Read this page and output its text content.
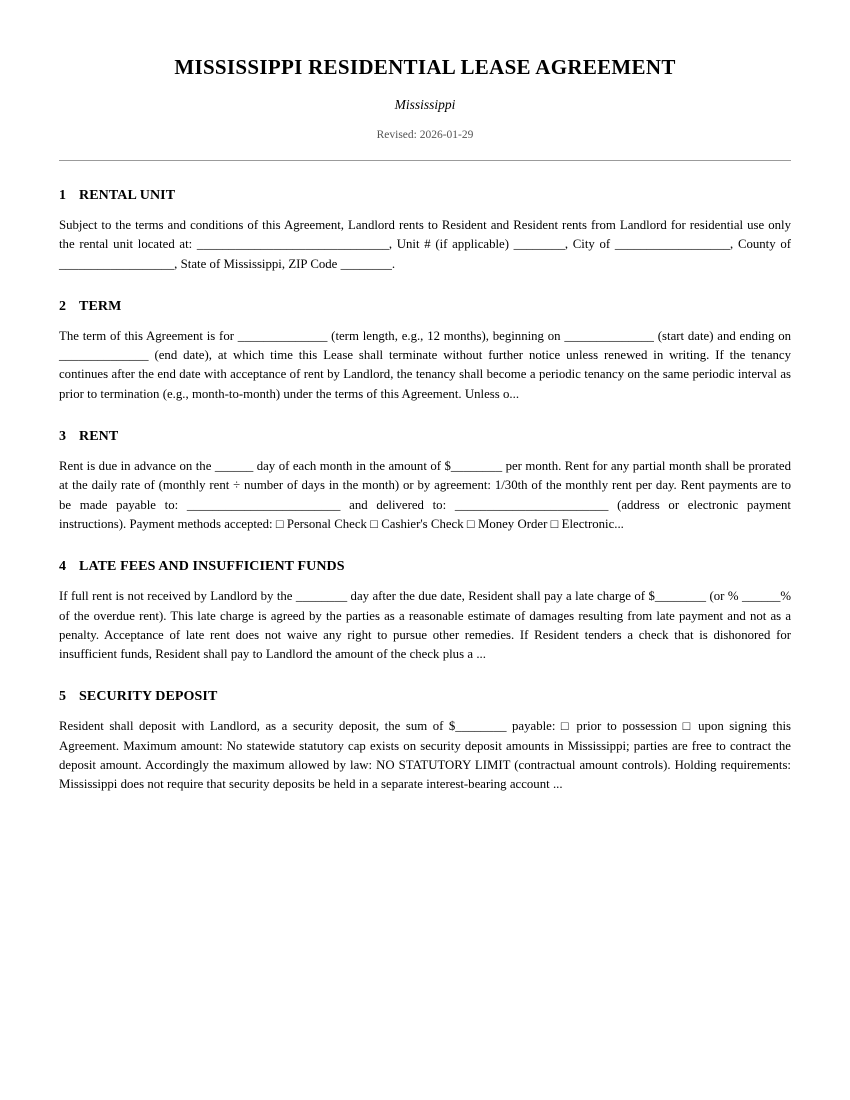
MISSISSIPPI RESIDENTIAL LEASE AGREEMENT

Mississippi

Revised: 2026-01-29

1 RENTAL UNIT

Subject to the terms and conditions of this Agreement, Landlord rents to Resident and Resident rents from Landlord for residential use only the rental unit located at: ______________________________, Unit # (if applicable) ________, City of __________________, County of __________________, State of Mississippi, ZIP Code ________.

2 TERM

The term of this Agreement is for ______________ (term length, e.g., 12 months), beginning on ______________ (start date) and ending on ______________ (end date), at which time this Lease shall terminate without further notice unless renewed in writing. If the tenancy continues after the end date with acceptance of rent by Landlord, the tenancy shall become a periodic tenancy on the same periodic interval as prior to termination (e.g., month-to-month) under the terms of this Agreement. Unless o...

3 RENT

Rent is due in advance on the ______ day of each month in the amount of $________ per month. Rent for any partial month shall be prorated at the daily rate of (monthly rent ÷ number of days in the month) or by agreement: 1/30th of the monthly rent per day. Rent payments are to be made payable to: ________________________ and delivered to: ________________________ (address or electronic payment instructions). Payment methods accepted: □ Personal Check □ Cashier's Check □ Money Order □ Electronic...

4 LATE FEES AND INSUFFICIENT FUNDS

If full rent is not received by Landlord by the ________ day after the due date, Resident shall pay a late charge of $________ (or % ______% of the overdue rent). This late charge is agreed by the parties as a reasonable estimate of damages resulting from late payment and not as a penalty. Acceptance of late rent does not waive any right to pursue other remedies. If Resident tenders a check that is dishonored for insufficient funds, Resident shall pay to Landlord the amount of the check plus a ...

5 SECURITY DEPOSIT

Resident shall deposit with Landlord, as a security deposit, the sum of $________ payable: □ prior to possession □ upon signing this Agreement. Maximum amount: No statewide statutory cap exists on security deposit amounts in Mississippi; parties are free to contract the deposit amount. Accordingly the maximum allowed by law: NO STATUTORY LIMIT (contractual amount controls). Holding requirements: Mississippi does not require that security deposits be held in a separate interest-bearing account ...
